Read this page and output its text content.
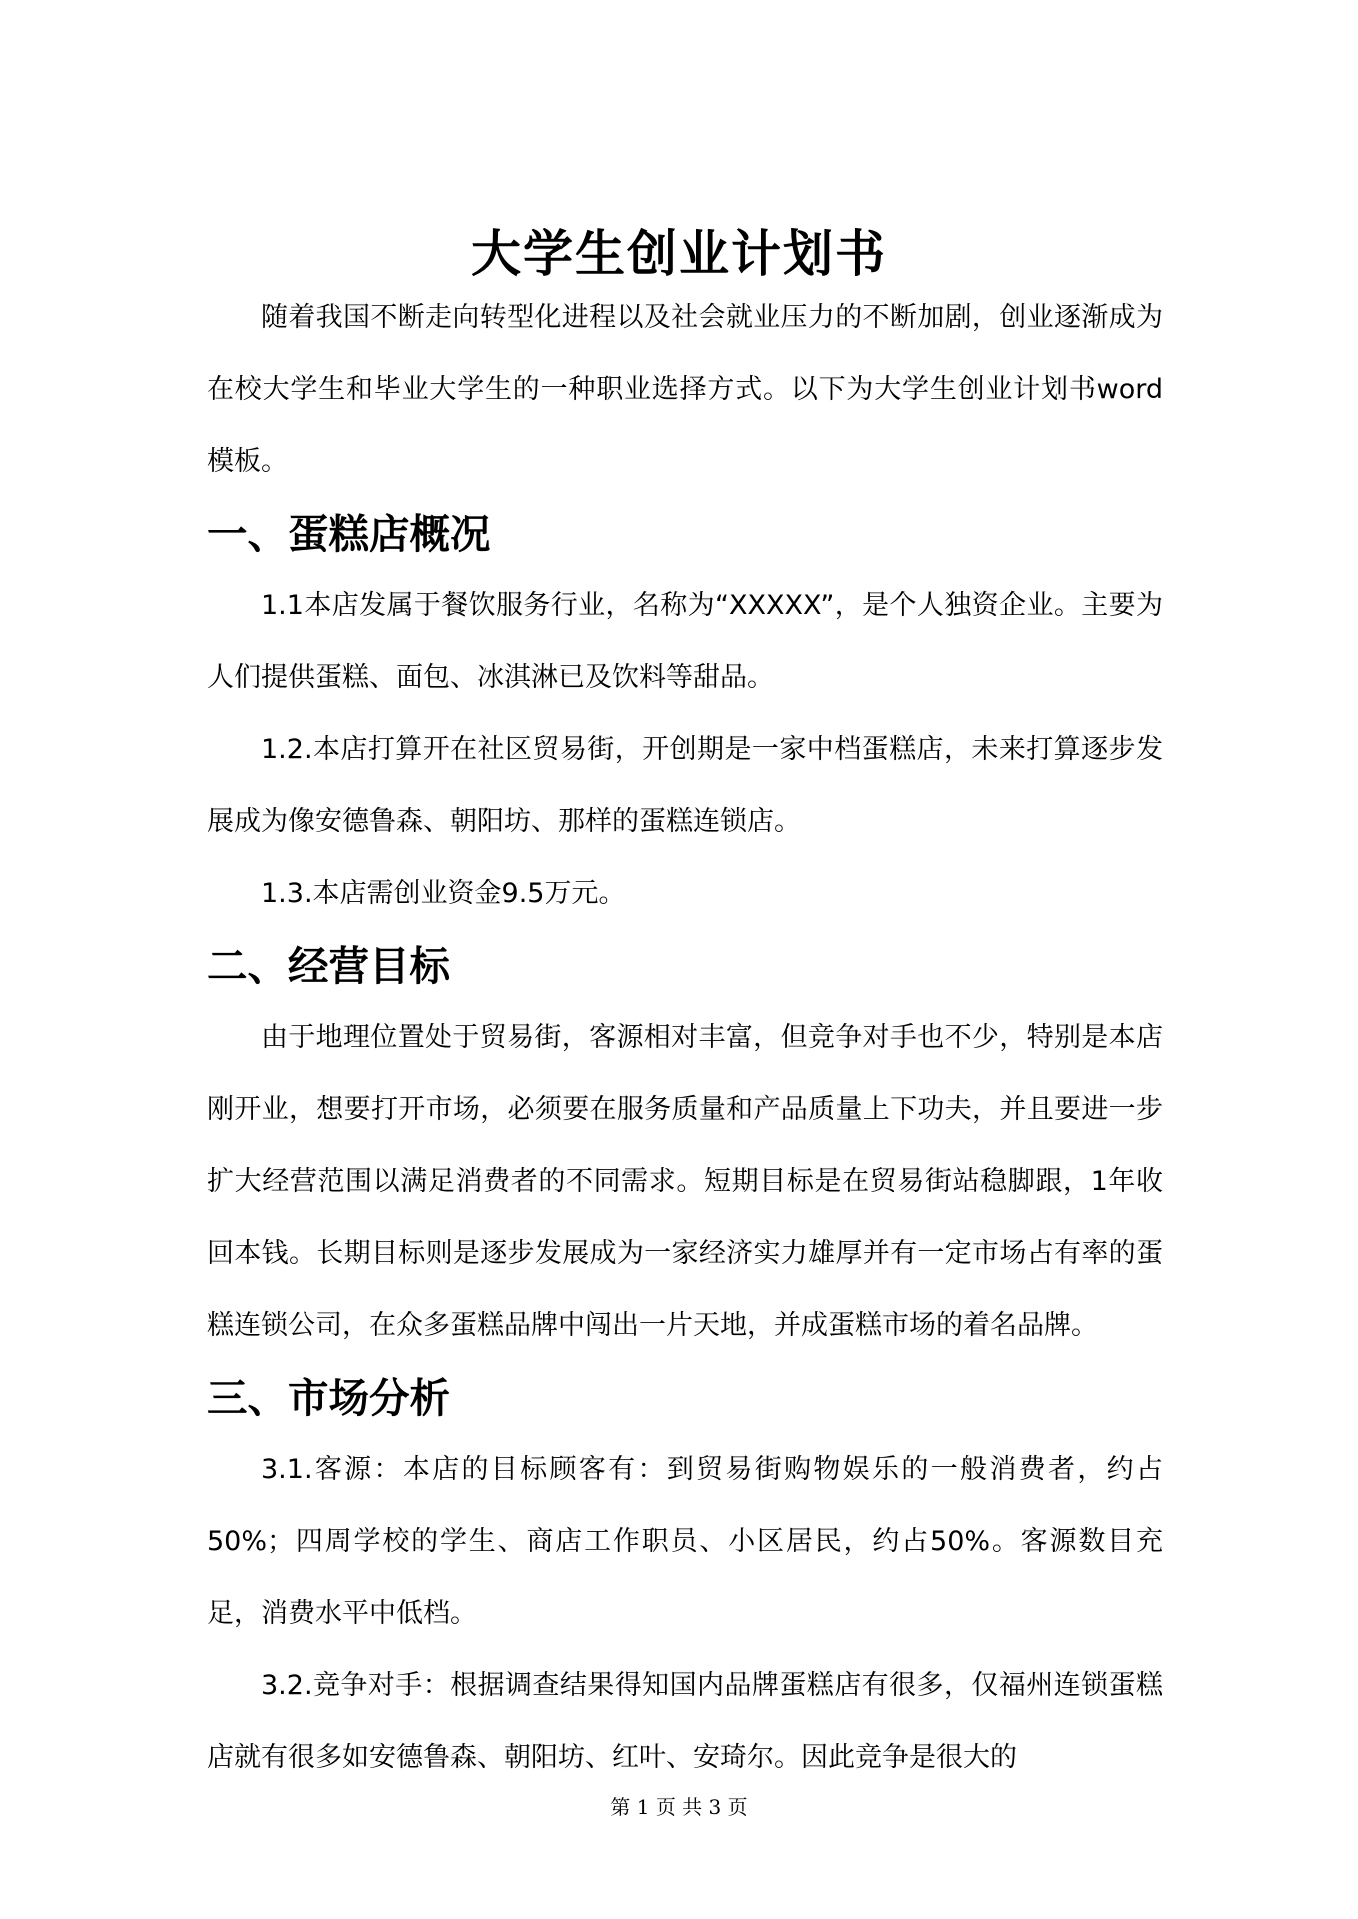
大学生创业计划书

随着我国不断走向转型化进程以及社会就业压力的不断加剧，创业逐渐成为在校大学生和毕业大学生的一种职业选择方式。以下为大学生创业计划书word模板。

一、蛋糕店概况

1.1本店发属于餐饮服务行业，名称为“XXXXX”，是个人独资企业。主要为人们提供蛋糕、面包、冰淇淋已及饮料等甜品。

1.2.本店打算开在社区贸易街，开创期是一家中档蛋糕店，未来打算逐步发展成为像安德鲁森、朝阳坊、那样的蛋糕连锁店。

1.3.本店需创业资金9.5万元。

二、经营目标

由于地理位置处于贸易街，客源相对丰富，但竞争对手也不少，特别是本店刚开业，想要打开市场，必须要在服务质量和产品质量上下功夫，并且要进一步扩大经营范围以满足消费者的不同需求。短期目标是在贸易街站稳脚跟，1年收回本钱。长期目标则是逐步发展成为一家经济实力雄厚并有一定市场占有率的蛋糕连锁公司，在众多蛋糕品牌中闯出一片天地，并成蛋糕市场的着名品牌。

三、市场分析

3.1.客源：本店的目标顾客有：到贸易街购物娱乐的一般消费者，约占50%；四周学校的学生、商店工作职员、小区居民，约占50%。客源数目充足，消费水平中低档。

3.2.竞争对手：根据调查结果得知国内品牌蛋糕店有很多，仅福州连锁蛋糕店就有很多如安德鲁森、朝阳坊、红叶、安琦尔。因此竞争是很大的

第 1 页 共 3 页
